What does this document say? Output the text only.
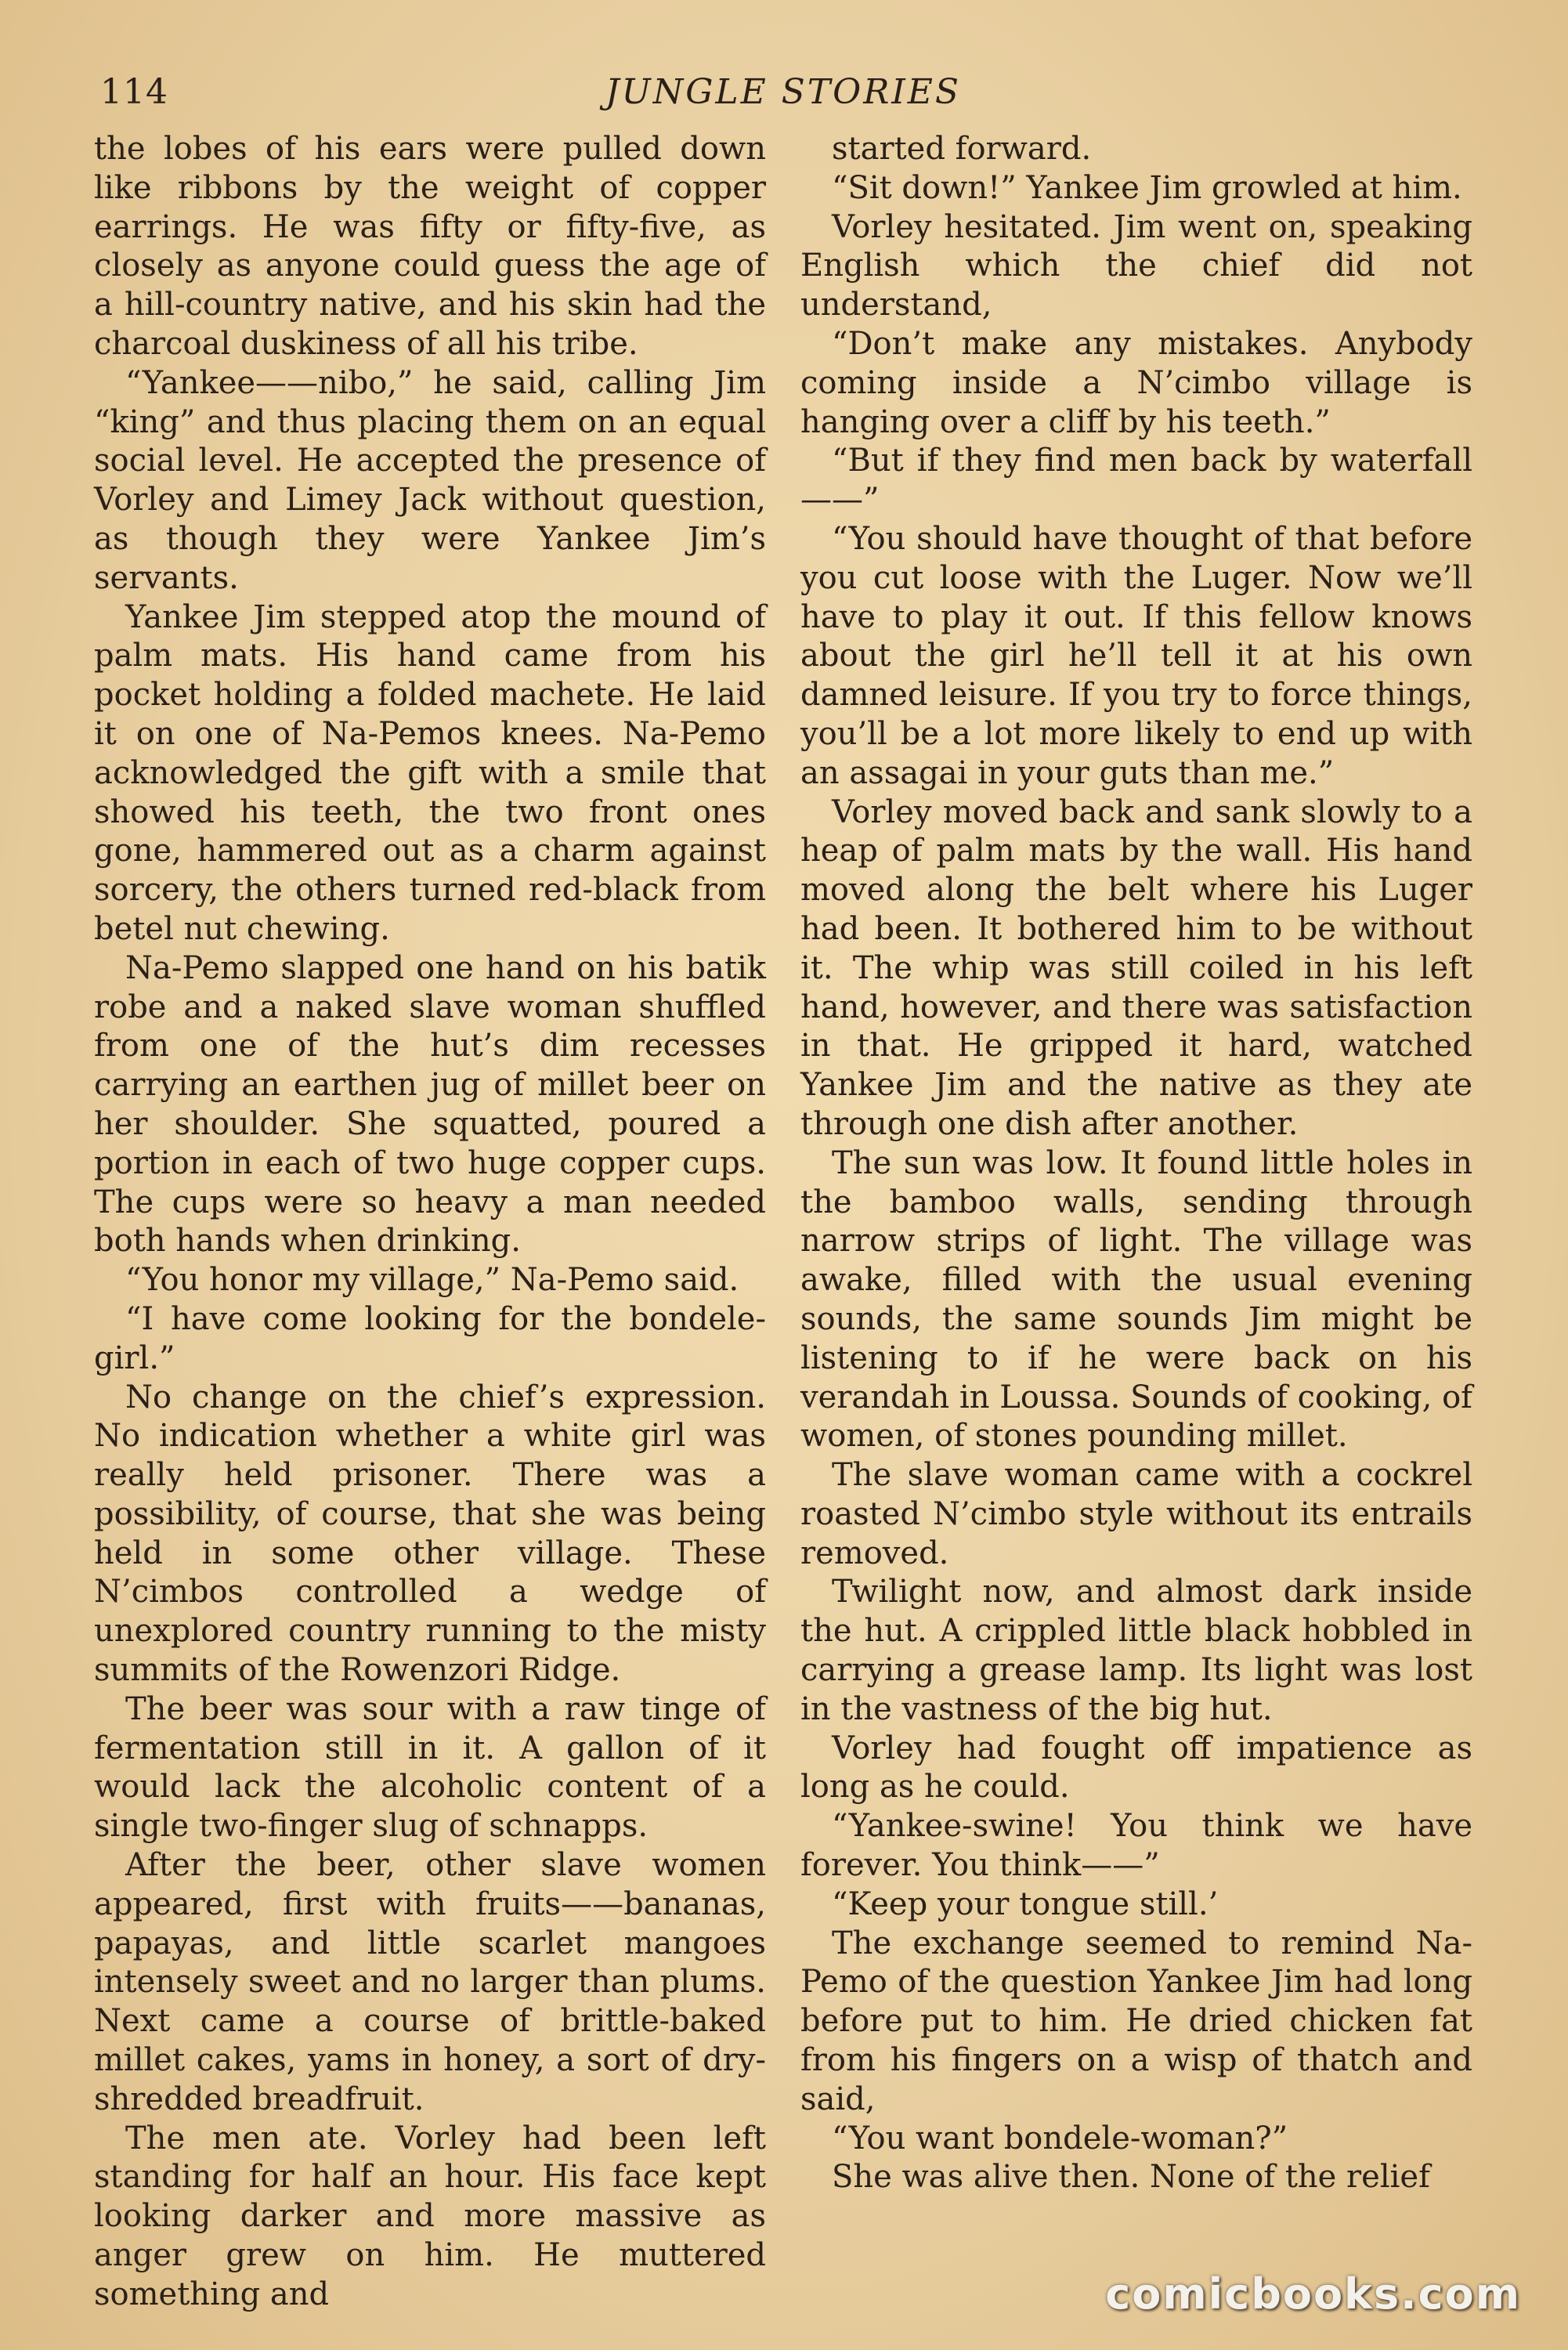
114	JUNGLE STORIES

the lobes of his ears were pulled down like ribbons by the weight of copper earrings. He was fifty or fifty-five, as closely as anyone could guess the age of a hill-country native, and his skin had the charcoal duskiness of all his tribe.

“Yankee——nibo,” he said, calling Jim “king” and thus placing them on an equal social level. He accepted the presence of Vorley and Limey Jack without question, as though they were Yankee Jim’s servants.

Yankee Jim stepped atop the mound of palm mats. His hand came from his pocket holding a folded machete. He laid it on one of Na-Pemos knees. Na-Pemo acknowledged the gift with a smile that showed his teeth, the two front ones gone, hammered out as a charm against sorcery, the others turned red-black from betel nut chewing.

Na-Pemo slapped one hand on his batik robe and a naked slave woman shuffled from one of the hut’s dim recesses carrying an earthen jug of millet beer on her shoulder. She squatted, poured a portion in each of two huge copper cups. The cups were so heavy a man needed both hands when drinking.

“You honor my village,” Na-Pemo said.

“I have come looking for the bondele-girl.”

No change on the chief’s expression. No indication whether a white girl was really held prisoner. There was a possibility, of course, that she was being held in some other village. These N’cimbos controlled a wedge of unexplored country running to the misty summits of the Rowenzori Ridge.

The beer was sour with a raw tinge of fermentation still in it. A gallon of it would lack the alcoholic content of a single two-finger slug of schnapps.

After the beer, other slave women appeared, first with fruits——bananas, papayas, and little scarlet mangoes intensely sweet and no larger than plums. Next came a course of brittle-baked millet cakes, yams in honey, a sort of dry-shredded breadfruit.

The men ate. Vorley had been left standing for half an hour. His face kept looking darker and more massive as anger grew on him. He muttered something and

started forward.

“Sit down!” Yankee Jim growled at him.

Vorley hesitated. Jim went on, speaking English which the chief did not understand,

“Don’t make any mistakes. Anybody coming inside a N’cimbo village is hanging over a cliff by his teeth.”

“But if they find men back by waterfall——”

“You should have thought of that before you cut loose with the Luger. Now we’ll have to play it out. If this fellow knows about the girl he’ll tell it at his own damned leisure. If you try to force things, you’ll be a lot more likely to end up with an assagai in your guts than me.”

Vorley moved back and sank slowly to a heap of palm mats by the wall. His hand moved along the belt where his Luger had been. It bothered him to be without it. The whip was still coiled in his left hand, however, and there was satisfaction in that. He gripped it hard, watched Yankee Jim and the native as they ate through one dish after another.

The sun was low. It found little holes in the bamboo walls, sending through narrow strips of light. The village was awake, filled with the usual evening sounds, the same sounds Jim might be listening to if he were back on his verandah in Loussa. Sounds of cooking, of women, of stones pounding millet.

The slave woman came with a cockrel roasted N’cimbo style without its entrails removed.

Twilight now, and almost dark inside the hut. A crippled little black hobbled in carrying a grease lamp. Its light was lost in the vastness of the big hut.

Vorley had fought off impatience as long as he could.

“Yankee-swine! You think we have forever. You think——”

“Keep your tongue still.’

The exchange seemed to remind Na-Pemo of the question Yankee Jim had long before put to him. He dried chicken fat from his fingers on a wisp of thatch and said,

“You want bondele-woman?”

She was alive then. None of the relief

comicbooks.com
